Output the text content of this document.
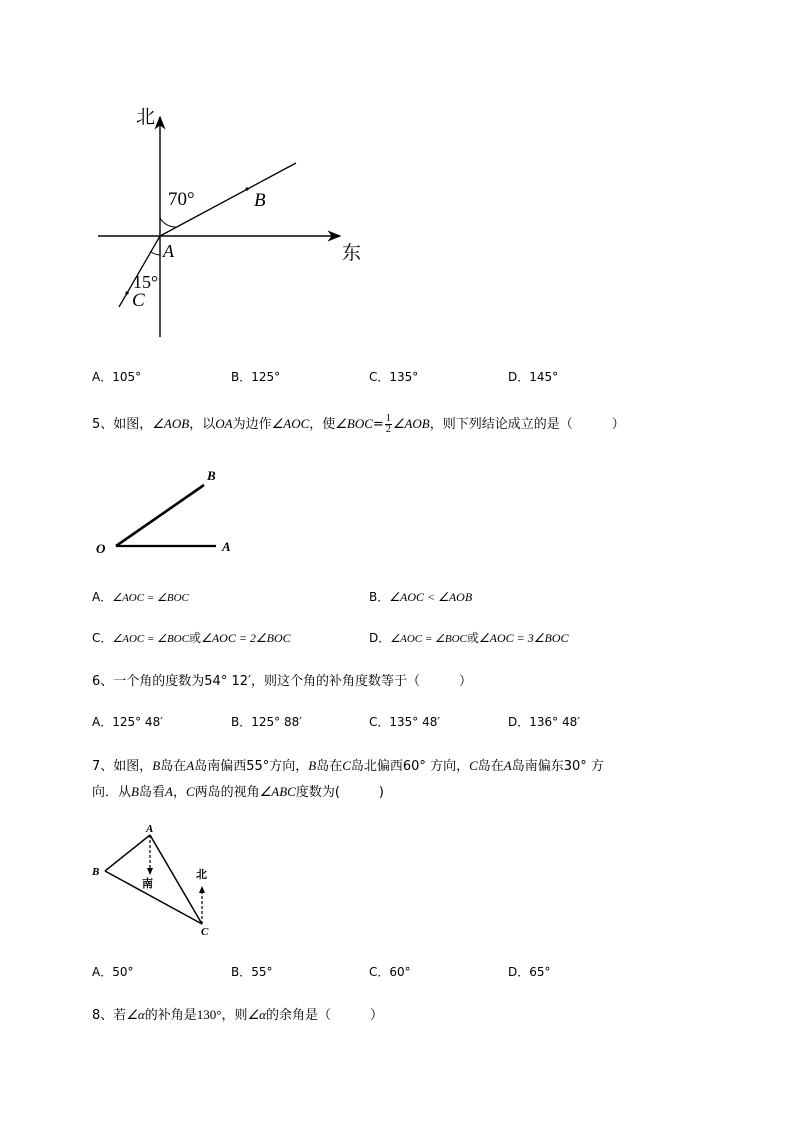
北
东
70°
15°
A
B
C
A．105°	B．125°	C．135°	D．145°
5、如图，∠AOB，以OA为边作∠AOC，使∠BOC= $\frac{1}{2}$ ∠AOB，则下列结论成立的是（　　　）
O	A
B
A．∠AOC = ∠BOC	B．∠AOC < ∠AOB
C．∠AOC = ∠BOC或∠AOC = 2∠BOC	D．∠AOC = ∠BOC或∠AOC = 3∠BOC
6、一个角的度数为54° 12′，则这个角的补角度数等于（　　　）
A．125° 48′	B．125° 88′	C．135° 48′	D．136° 48′
7、如图，B岛在A岛南偏西55°方向，B岛在C岛北偏西60° 方向，C岛在A岛南偏东30° 方
向．从B岛看A，C两岛的视角∠ABC度数为(　　　)
A
B
C
南
北
A．50°	B．55°	C．60°	D．65°
8、若∠α的补角是130°，则∠α的余角是（　　　）
